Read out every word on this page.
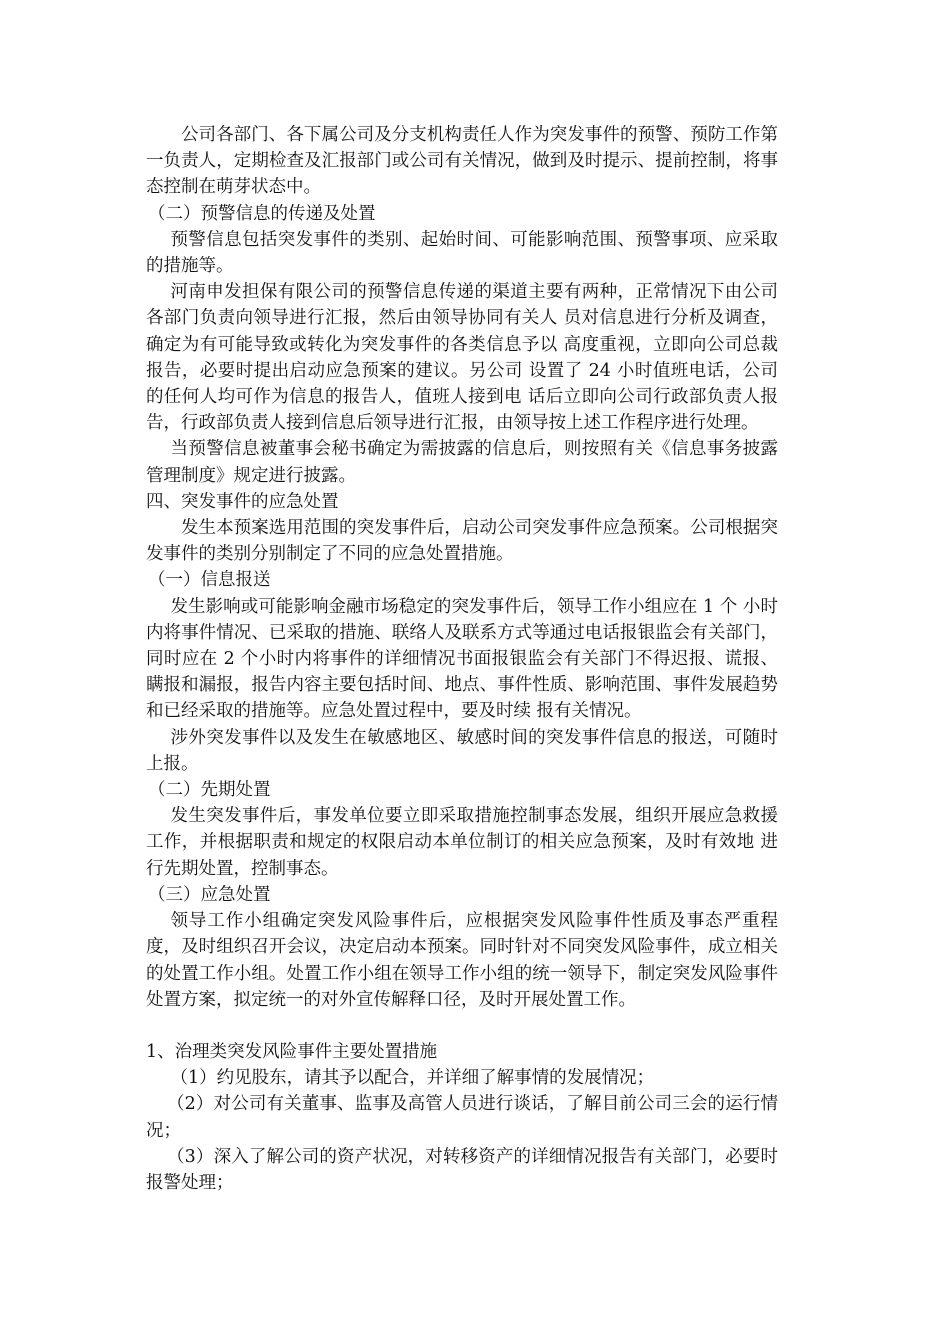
公司各部门、各下属公司及分支机构责任人作为突发事件的预警、预防工作第一负责人，定期检查及汇报部门或公司有关情况，做到及时提示、提前控制，将事态控制在萌芽状态中。

（二）预警信息的传递及处置

预警信息包括突发事件的类别、起始时间、可能影响范围、预警事项、应采取的措施等。

河南申发担保有限公司的预警信息传递的渠道主要有两种，正常情况下由公司各部门负责向领导进行汇报，然后由领导协同有关人 员对信息进行分析及调查，确定为有可能导致或转化为突发事件的各类信息予以 高度重视，立即向公司总裁报告，必要时提出启动应急预案的建议。另公司 设置了 24 小时值班电话，公司的任何人均可作为信息的报告人，值班人接到电 话后立即向公司行政部负责人报告，行政部负责人接到信息后领导进行汇报，由领导按上述工作程序进行处理。

当预警信息被董事会秘书确定为需披露的信息后，则按照有关《信息事务披露管理制度》规定进行披露。

四、突发事件的应急处置

发生本预案选用范围的突发事件后，启动公司突发事件应急预案。公司根据突发事件的类别分别制定了不同的应急处置措施。

（一）信息报送

发生影响或可能影响金融市场稳定的突发事件后，领导工作小组应在 1 个 小时内将事件情况、已采取的措施、联络人及联系方式等通过电话报银监会有关部门，同时应在 2 个小时内将事件的详细情况书面报银监会有关部门不得迟报、谎报、瞒报和漏报，报告内容主要包括时间、地点、事件性质、影响范围、事件发展趋势和已经采取的措施等。应急处置过程中，要及时续 报有关情况。

涉外突发事件以及发生在敏感地区、敏感时间的突发事件信息的报送，可随时上报。

（二）先期处置

发生突发事件后，事发单位要立即采取措施控制事态发展，组织开展应急救援工作，并根据职责和规定的权限启动本单位制订的相关应急预案，及时有效地 进行先期处置，控制事态。

（三）应急处置

领导工作小组确定突发风险事件后，应根据突发风险事件性质及事态严重程度，及时组织召开会议，决定启动本预案。同时针对不同突发风险事件，成立相关的处置工作小组。处置工作小组在领导工作小组的统一领导下，制定突发风险事件处置方案，拟定统一的对外宣传解释口径，及时开展处置工作。

1、治理类突发风险事件主要处置措施

（1）约见股东，请其予以配合，并详细了解事情的发展情况；

（2）对公司有关董事、监事及高管人员进行谈话，了解目前公司三会的运行情况；

（3）深入了解公司的资产状况，对转移资产的详细情况报告有关部门，必要时报警处理；
